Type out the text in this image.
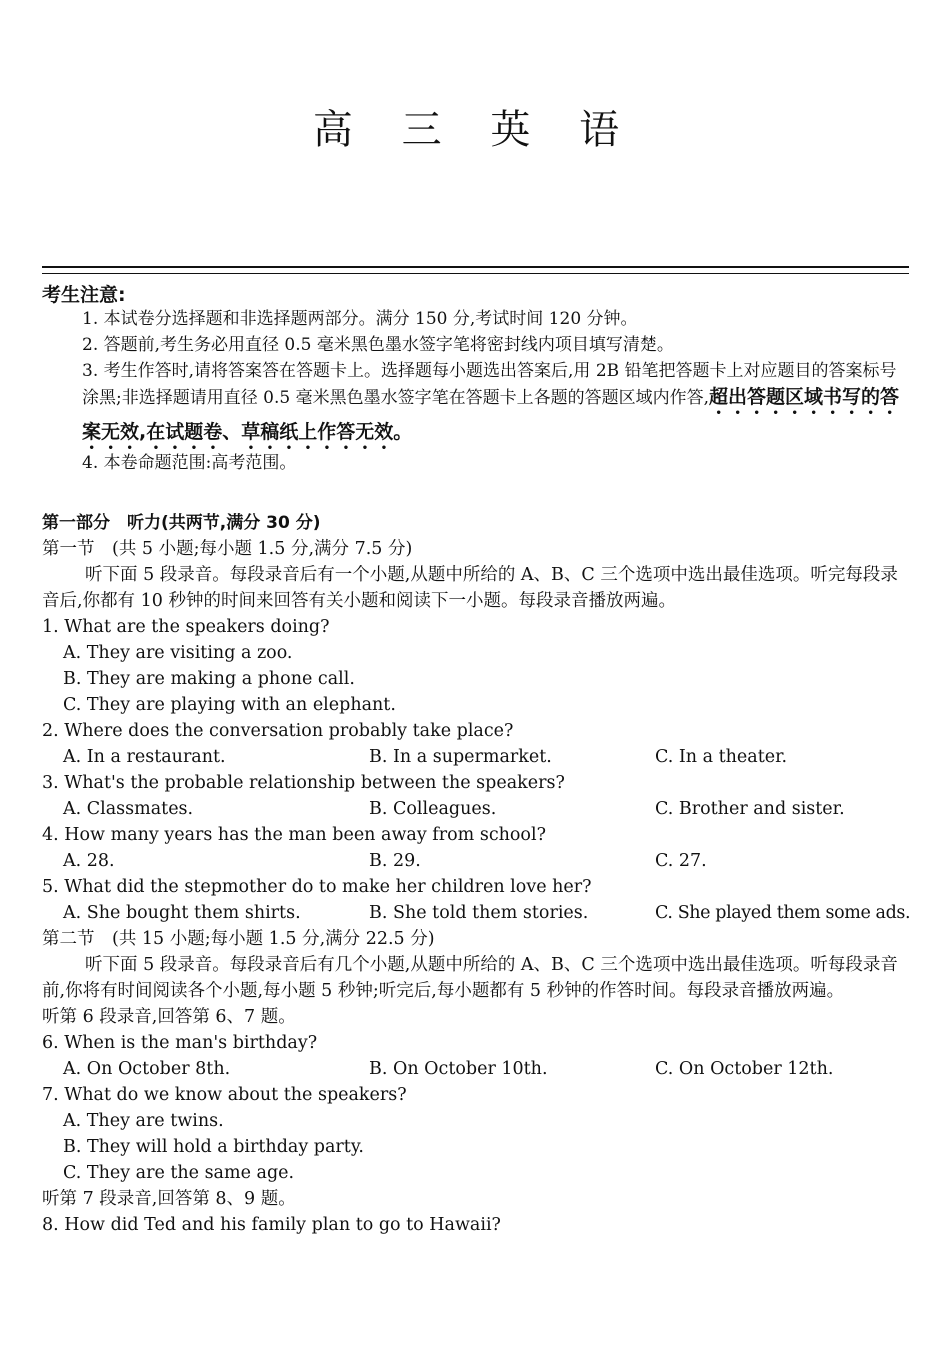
高 三 英 语
考生注意:
1. 本试卷分选择题和非选择题两部分。满分 150 分,考试时间 120 分钟。
2. 答题前,考生务必用直径 0.5 毫米黑色墨水签字笔将密封线内项目填写清楚。
3. 考生作答时,请将答案答在答题卡上。选择题每小题选出答案后,用 2B 铅笔把答题卡上对应题目的答案标号涂黑;非选择题请用直径 0.5 毫米黑色墨水签字笔在答题卡上各题的答题区域内作答,超出答题区域书写的答案无效,在试题卷、草稿纸上作答无效。
4. 本卷命题范围:高考范围。
第一部分　听力(共两节,满分 30 分)
第一节　(共 5 小题;每小题 1.5 分,满分 7.5 分)
听下面 5 段录音。每段录音后有一个小题,从题中所给的 A、B、C 三个选项中选出最佳选项。听完每段录音后,你都有 10 秒钟的时间来回答有关小题和阅读下一小题。每段录音播放两遍。
1. What are the speakers doing?
A. They are visiting a zoo.
B. They are making a phone call.
C. They are playing with an elephant.
2. Where does the conversation probably take place?
A. In a restaurant.	B. In a supermarket.	C. In a theater.
3. What's the probable relationship between the speakers?
A. Classmates.	B. Colleagues.	C. Brother and sister.
4. How many years has the man been away from school?
A. 28.	B. 29.	C. 27.
5. What did the stepmother do to make her children love her?
A. She bought them shirts.	B. She told them stories.	C. She played them some ads.
第二节　(共 15 小题;每小题 1.5 分,满分 22.5 分)
听下面 5 段录音。每段录音后有几个小题,从题中所给的 A、B、C 三个选项中选出最佳选项。听每段录音前,你将有时间阅读各个小题,每小题 5 秒钟;听完后,每小题都有 5 秒钟的作答时间。每段录音播放两遍。
听第 6 段录音,回答第 6、7 题。
6. When is the man's birthday?
A. On October 8th.	B. On October 10th.	C. On October 12th.
7. What do we know about the speakers?
A. They are twins.
B. They will hold a birthday party.
C. They are the same age.
听第 7 段录音,回答第 8、9 题。
8. How did Ted and his family plan to go to Hawaii?
